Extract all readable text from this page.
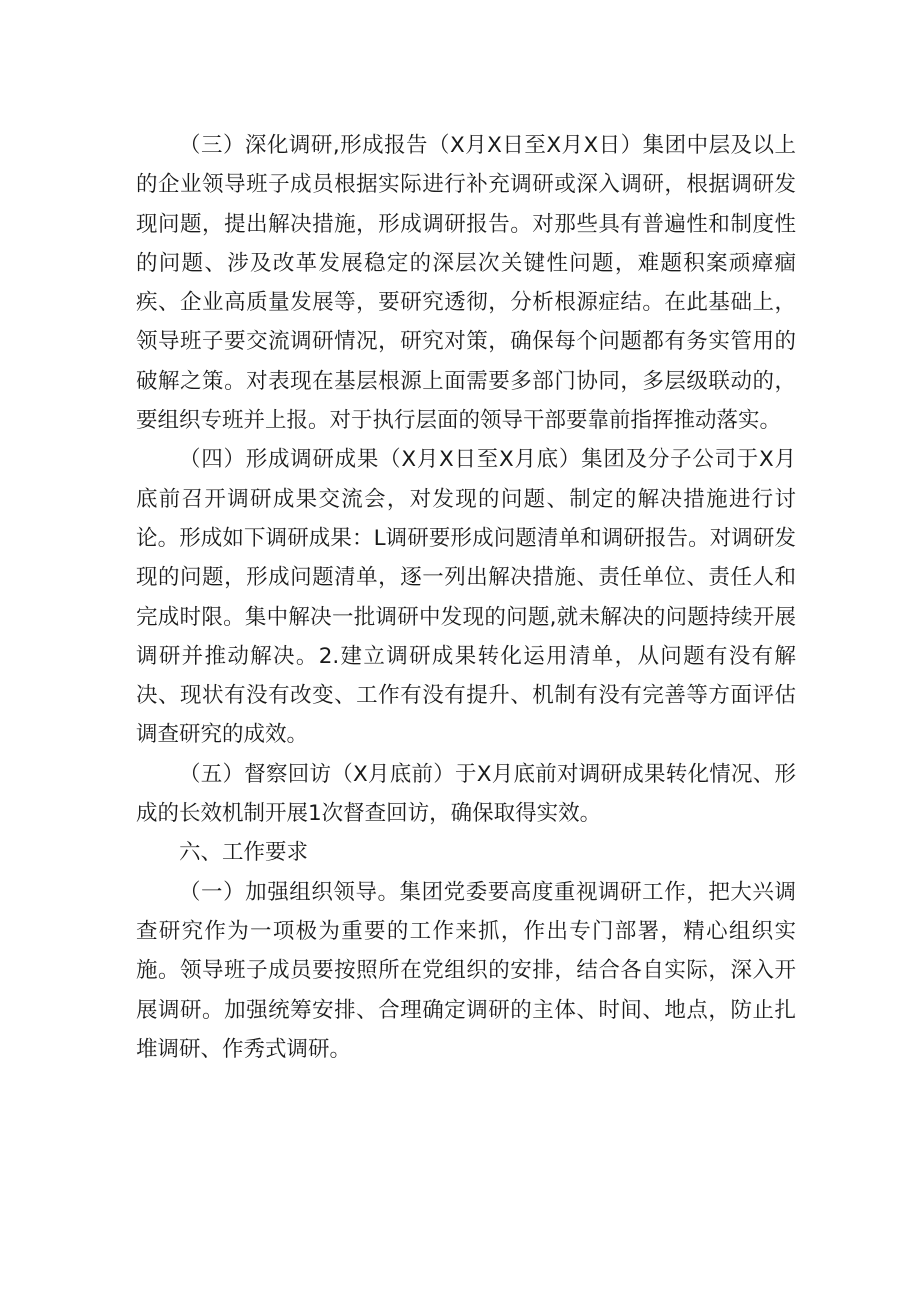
（三）深化调研,形成报告（X月X日至X月X日）集团中层及以上的企业领导班子成员根据实际进行补充调研或深入调研，根据调研发现问题，提出解决措施，形成调研报告。对那些具有普遍性和制度性的问题、涉及改革发展稳定的深层次关键性问题，难题积案顽瘴痼疾、企业高质量发展等，要研究透彻，分析根源症结。在此基础上，领导班子要交流调研情况，研究对策，确保每个问题都有务实管用的破解之策。对表现在基层根源上面需要多部门协同，多层级联动的，要组织专班并上报。对于执行层面的领导干部要靠前指挥推动落实。

（四）形成调研成果（X月X日至X月底）集团及分子公司于X月底前召开调研成果交流会，对发现的问题、制定的解决措施进行讨论。形成如下调研成果：L调研要形成问题清单和调研报告。对调研发现的问题，形成问题清单，逐一列出解决措施、责任单位、责任人和完成时限。集中解决一批调研中发现的问题,就未解决的问题持续开展调研并推动解决。2.建立调研成果转化运用清单，从问题有没有解决、现状有没有改变、工作有没有提升、机制有没有完善等方面评估调查研究的成效。

（五）督察回访（X月底前）于X月底前对调研成果转化情况、形成的长效机制开展1次督查回访，确保取得实效。

六、工作要求

（一）加强组织领导。集团党委要高度重视调研工作，把大兴调查研究作为一项极为重要的工作来抓，作出专门部署，精心组织实施。领导班子成员要按照所在党组织的安排，结合各自实际，深入开展调研。加强统筹安排、合理确定调研的主体、时间、地点，防止扎堆调研、作秀式调研。
